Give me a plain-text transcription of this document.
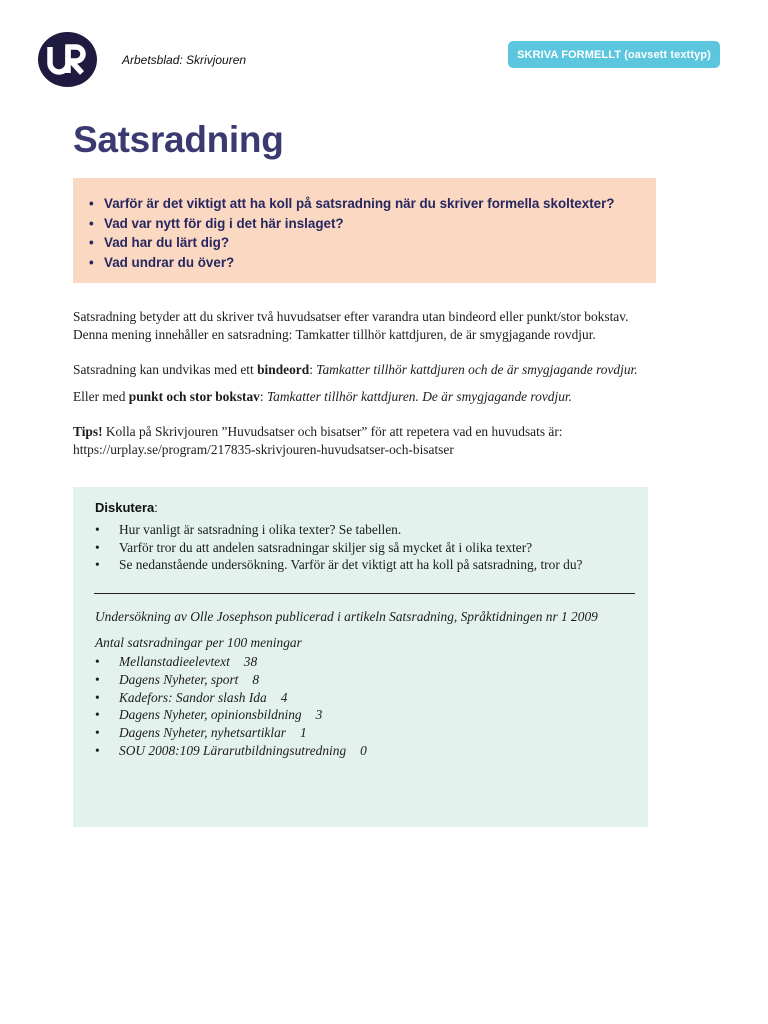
Arbetsblad: Skrivjouren	SKRIVA FORMELLT (oavsett texttyp)
Satsradning
• Varför är det viktigt att ha koll på satsradning när du skriver formella skoltexter?
• Vad var nytt för dig i det här inslaget?
• Vad har du lärt dig?
• Vad undrar du över?

Satsradning betyder att du skriver två huvudsatser efter varandra utan bindeord eller punkt/stor bokstav.
Denna mening innehåller en satsradning: Tamkatter tillhör kattdjuren, de är smygjagande rovdjur.

Satsradning kan undvikas med ett bindeord: Tamkatter tillhör kattdjuren och de är smygjagande rovdjur.

Eller med punkt och stor bokstav: Tamkatter tillhör kattdjuren. De är smygjagande rovdjur.

Tips! Kolla på Skrivjouren ”Huvudsatser och bisatser” för att repetera vad en huvudsats är:
https://urplay.se/program/217835-skrivjouren-huvudsatser-och-bisatser

Diskutera:
•	Hur vanligt är satsradning i olika texter? Se tabellen.
•	Varför tror du att andelen satsradningar skiljer sig så mycket åt i olika texter?
•	Se nedanstående undersökning. Varför är det viktigt att ha koll på satsradning, tror du?
Undersökning av Olle Josephson publicerad i artikeln Satsradning, Språktidningen nr 1 2009
Antal satsradningar per 100 meningar
•	Mellanstadieelevtext 38
•	Dagens Nyheter, sport 8
•	Kadefors: Sandor slash Ida 4
•	Dagens Nyheter, opinionsbildning 3
•	Dagens Nyheter, nyhetsartiklar 1
•	SOU 2008:109 Lärarutbildningsutredning 0
